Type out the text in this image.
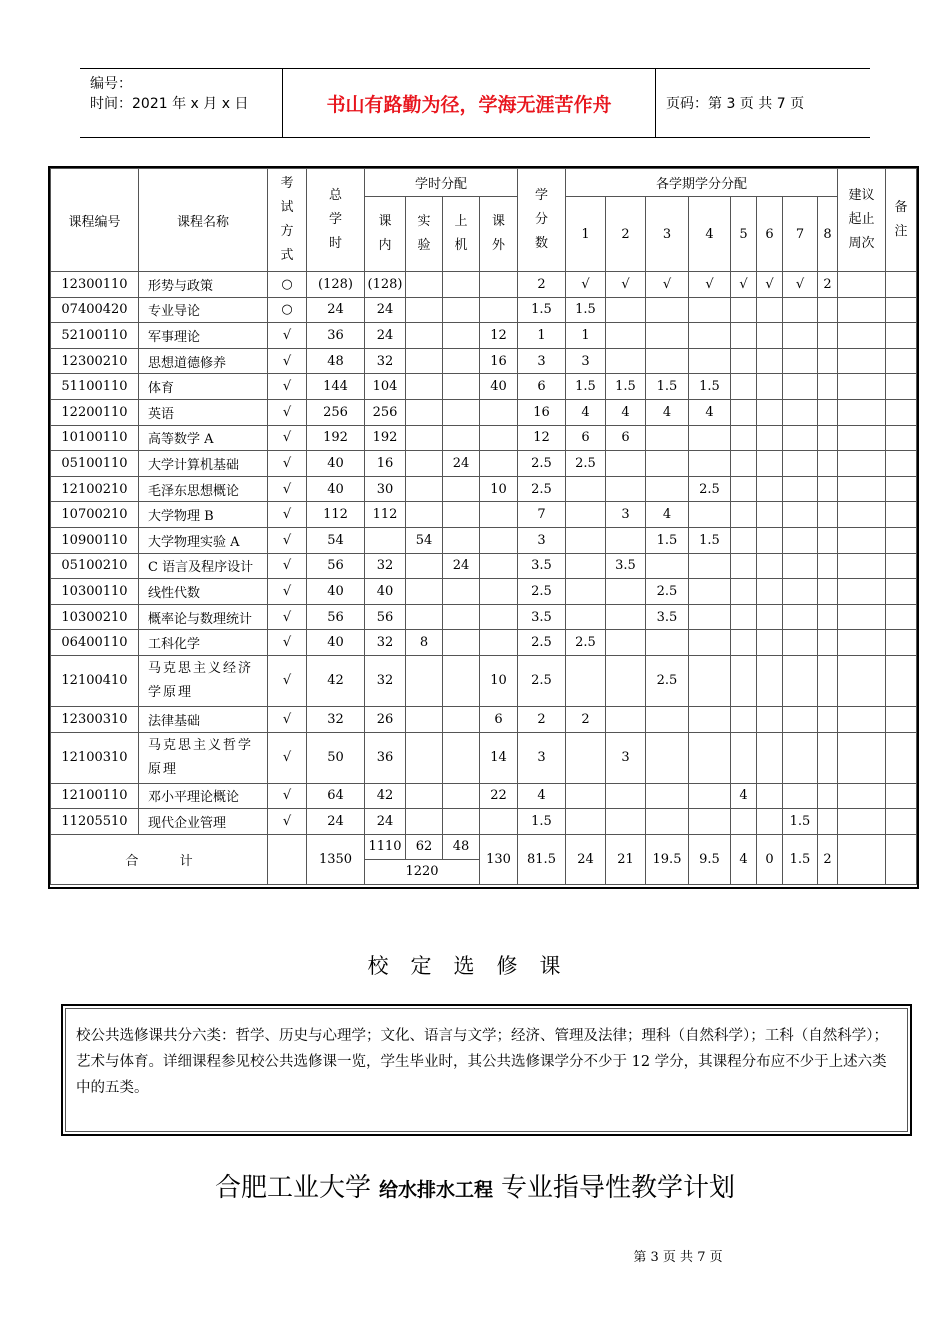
编号：
时间：2021 年 x 月 x 日	书山有路勤为径，学海无涯苦作舟	页码：第 3 页 共 7 页
课程编号	课程名称	考
试
方
式	总
学
时	学时分配				学
分
数	各学期学分分配								建议
起止
周次	备
注

				课
内	实
验	上
机	课
外		1	2	3	4	5	6	7	8		
12300110	形势与政策	○	(128)	(128)				2	√	√	√	√	√	√	√	2		
07400420	专业导论	○	24	24				1.5	1.5									
52100110	军事理论	√	36	24			12	1	1									
12300210	思想道德修养	√	48	32			16	3	3									
51100110	体育	√	144	104			40	6	1.5	1.5	1.5	1.5						
12200110	英语	√	256	256				16	4	4	4	4						
10100110	高等数学 A	√	192	192				12	6	6								
05100110	大学计算机基础	√	40	16		24		2.5	2.5									
12100210	毛泽东思想概论	√	40	30			10	2.5				2.5						
10700210	大学物理 B	√	112	112				7		3	4							
10900110	大学物理实验 A	√	54		54			3			1.5	1.5						
05100210	C 语言及程序设计	√	56	32		24		3.5		3.5								
10300110	线性代数	√	40	40				2.5			2.5							
10300210	概率论与数理统计	√	56	56				3.5			3.5							
06400110	工科化学	√	40	32	8			2.5	2.5									
12100410	马克思主义经济学原理	√	42	32			10	2.5			2.5							
12300310	法律基础	√	32	26			6	2	2									
12100310	马克思主义哲学原理	√	50	36			14	3		3								
12100110	邓小平理论概论	√	64	42			22	4					4					
11205510	现代企业管理	√	24	24				1.5							1.5			
合          计			1350	1110	62	48	130	81.5	24	21	19.5	9.5	4	0	1.5	2		
				1220														
校定选修课
校公共选修课共分六类：哲学、历史与心理学；文化、语言与文学；经济、管理及法律；理科（自然科学）；工科（自然科学）；艺术与体育。详细课程参见校公共选修课一览，学生毕业时，其公共选修课学分不少于 12 学分，其课程分布应不少于上述六类中的五类。
合肥工业大学 给水排水工程 专业指导性教学计划
第 3 页 共 7 页
